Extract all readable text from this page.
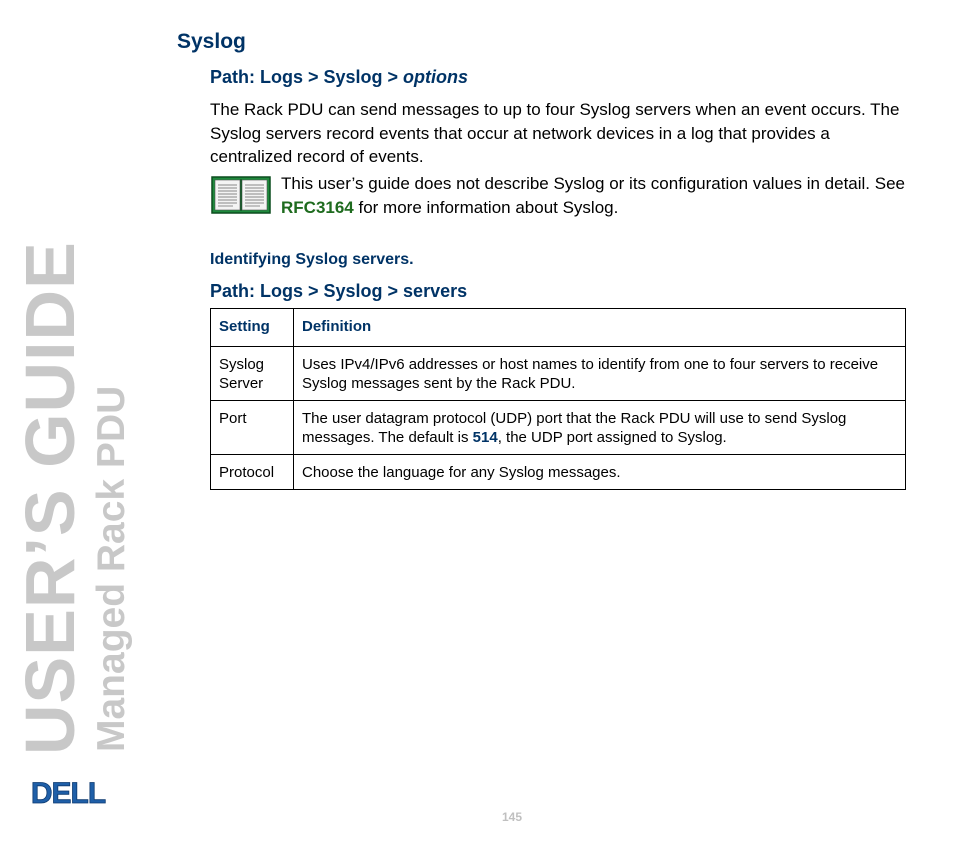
USER’S GUIDE Managed Rack PDU
DELL
Syslog

Path: Logs > Syslog > options

The Rack PDU can send messages to up to four Syslog servers when an event occurs. The Syslog servers record events that occur at network devices in a log that provides a centralized record of events.

This user’s guide does not describe Syslog or its configuration values in detail. See RFC3164 for more information about Syslog.

Identifying Syslog servers.

Path: Logs > Syslog > servers

Setting	Definition
Syslog Server	Uses IPv4/IPv6 addresses or host names to identify from one to four servers to receive Syslog messages sent by the Rack PDU.
Port	The user datagram protocol (UDP) port that the Rack PDU will use to send Syslog messages. The default is 514, the UDP port assigned to Syslog.
Protocol	Choose the language for any Syslog messages.
145
